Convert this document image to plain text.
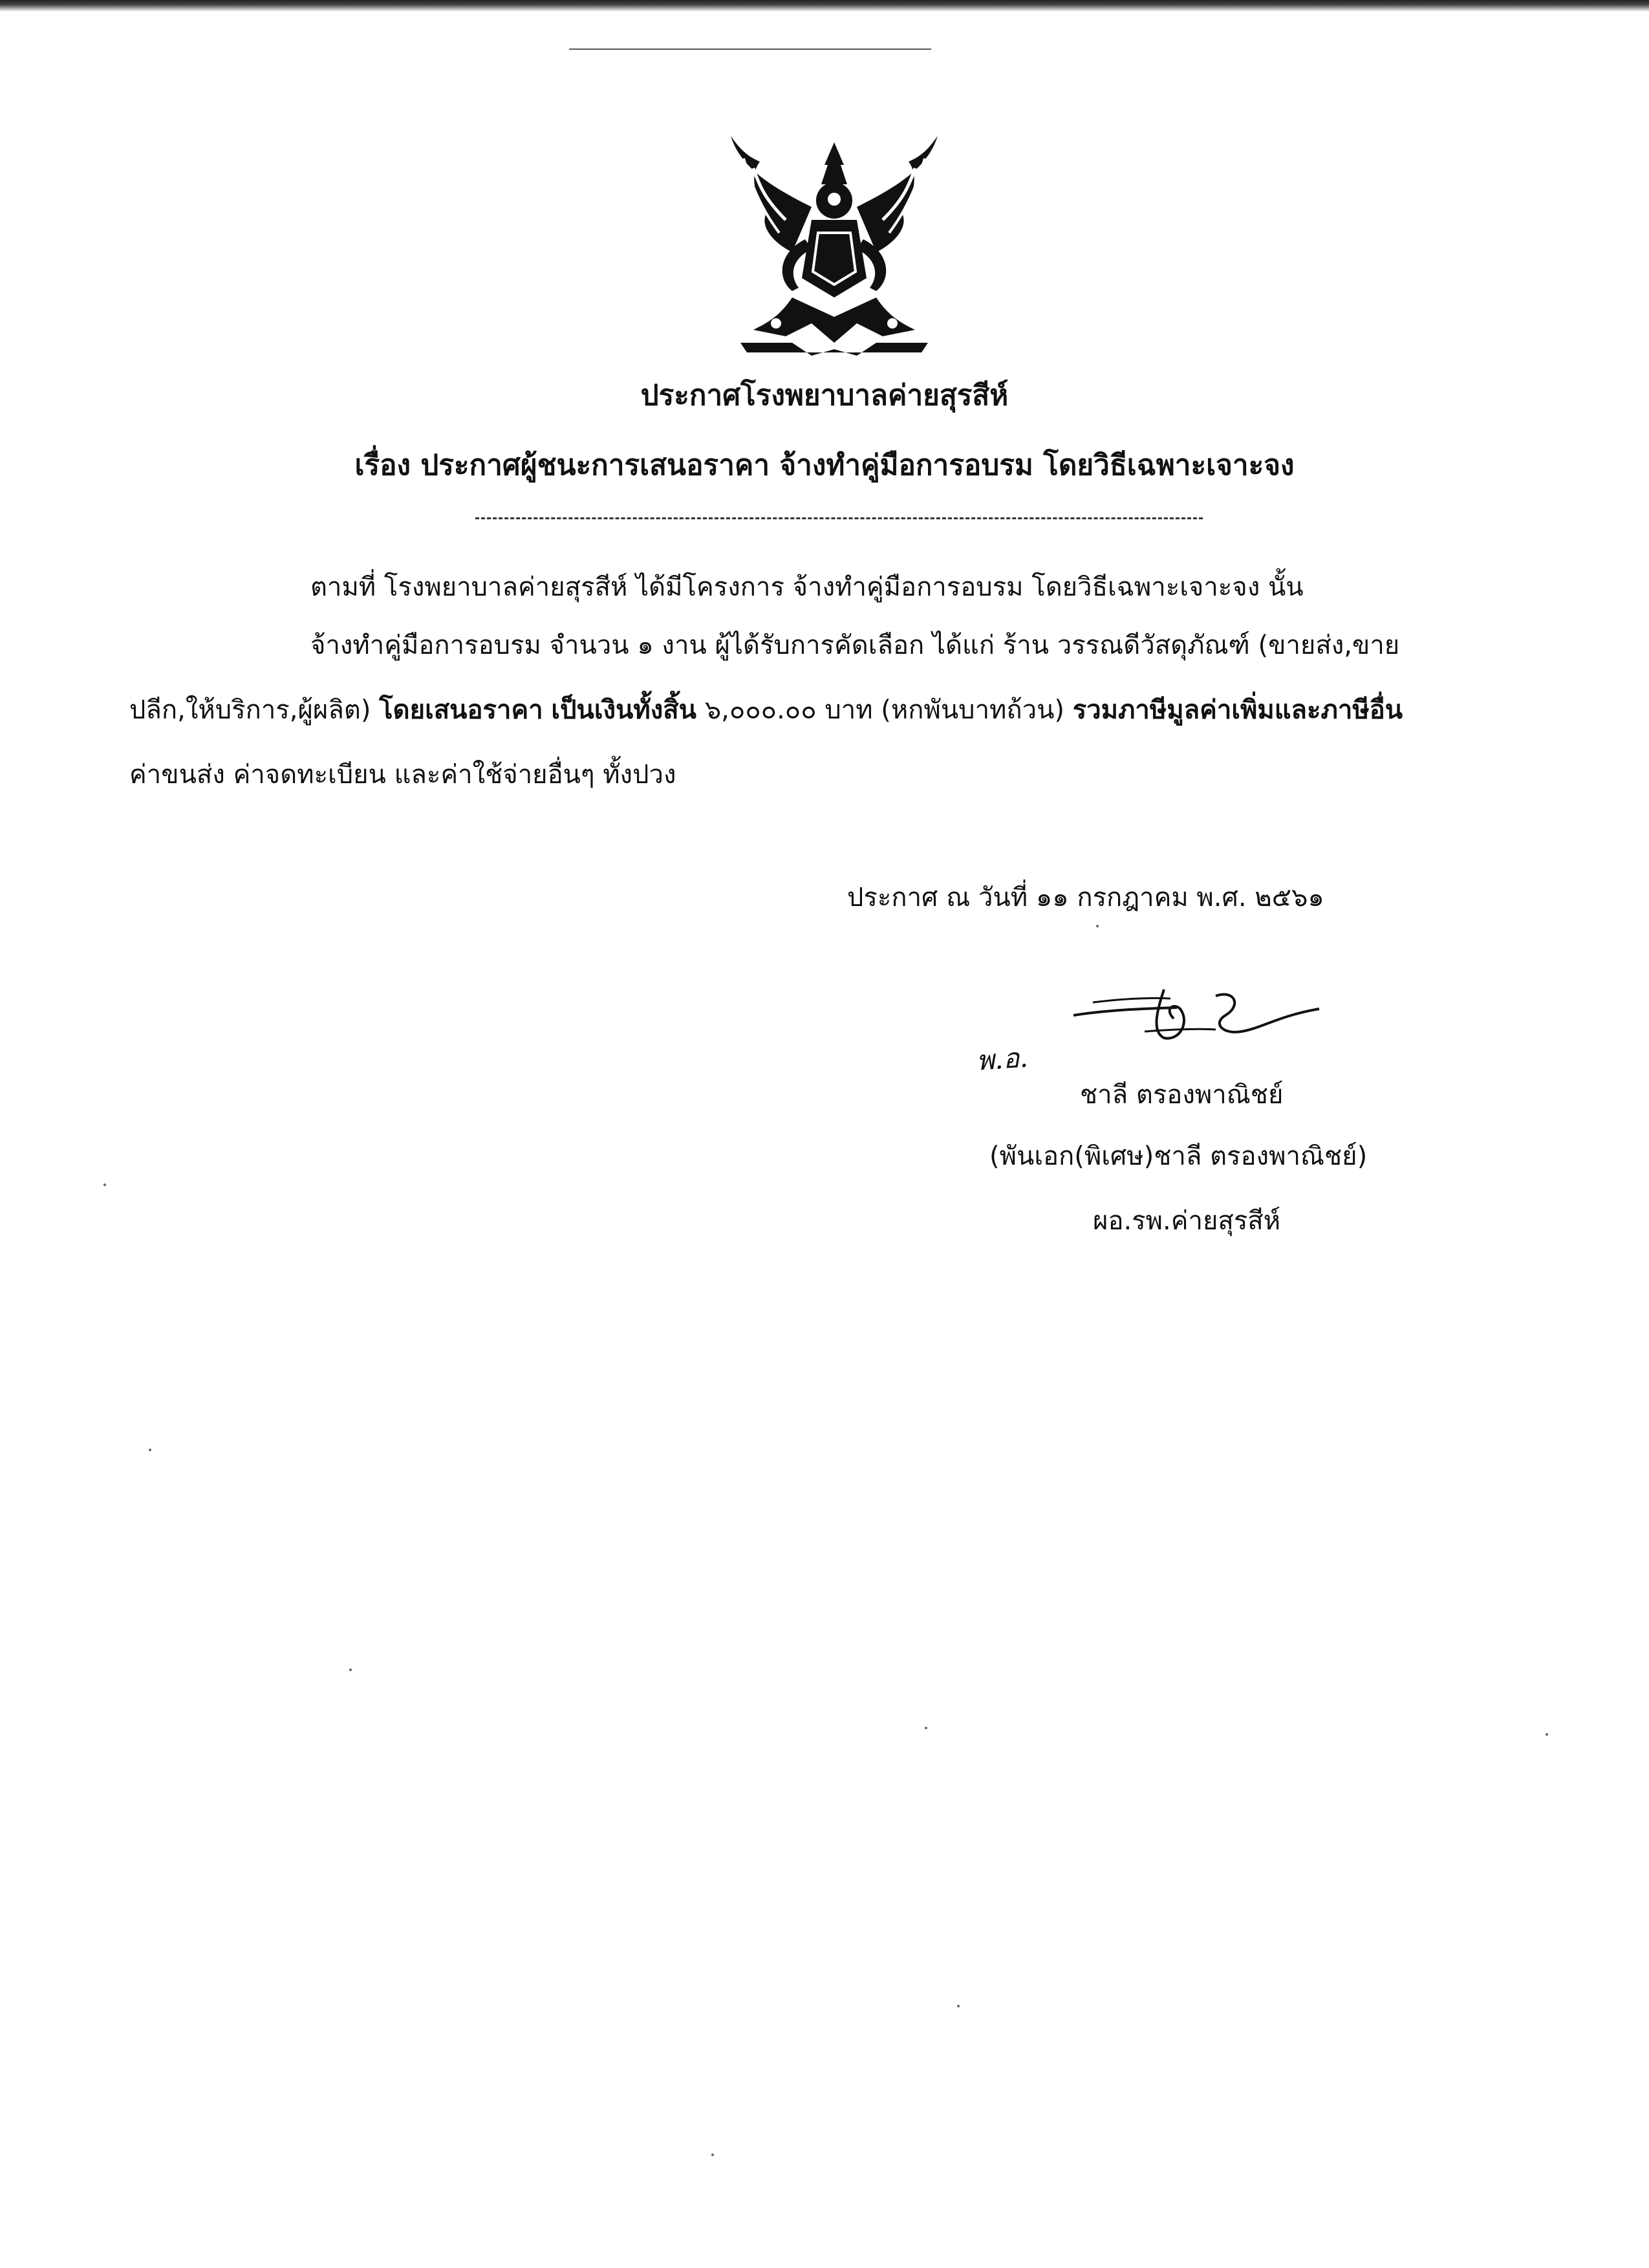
ประกาศโรงพยาบาลค่ายสุรสีห์
เรื่อง ประกาศผู้ชนะการเสนอราคา จ้างทำคู่มือการอบรม โดยวิธีเฉพาะเจาะจง
ตามที่ โรงพยาบาลค่ายสุรสีห์ ได้มีโครงการ จ้างทำคู่มือการอบรม โดยวิธีเฉพาะเจาะจง นั้น
จ้างทำคู่มือการอบรม จำนวน ๑ งาน ผู้ได้รับการคัดเลือก ได้แก่ ร้าน วรรณดีวัสดุภัณฑ์ (ขายส่ง,ขาย
ปลีก,ให้บริการ,ผู้ผลิต) โดยเสนอราคา เป็นเงินทั้งสิ้น ๖,๐๐๐.๐๐ บาท (หกพันบาทถ้วน) รวมภาษีมูลค่าเพิ่มและภาษีอื่น
ค่าขนส่ง ค่าจดทะเบียน และค่าใช้จ่ายอื่นๆ ทั้งปวง
ประกาศ ณ วันที่ ๑๑ กรกฎาคม พ.ศ. ๒๕๖๑
พ.อ.
ชาลี ตรองพาณิชย์
(พันเอก(พิเศษ)ชาลี ตรองพาณิชย์)
ผอ.รพ.ค่ายสุรสีห์
